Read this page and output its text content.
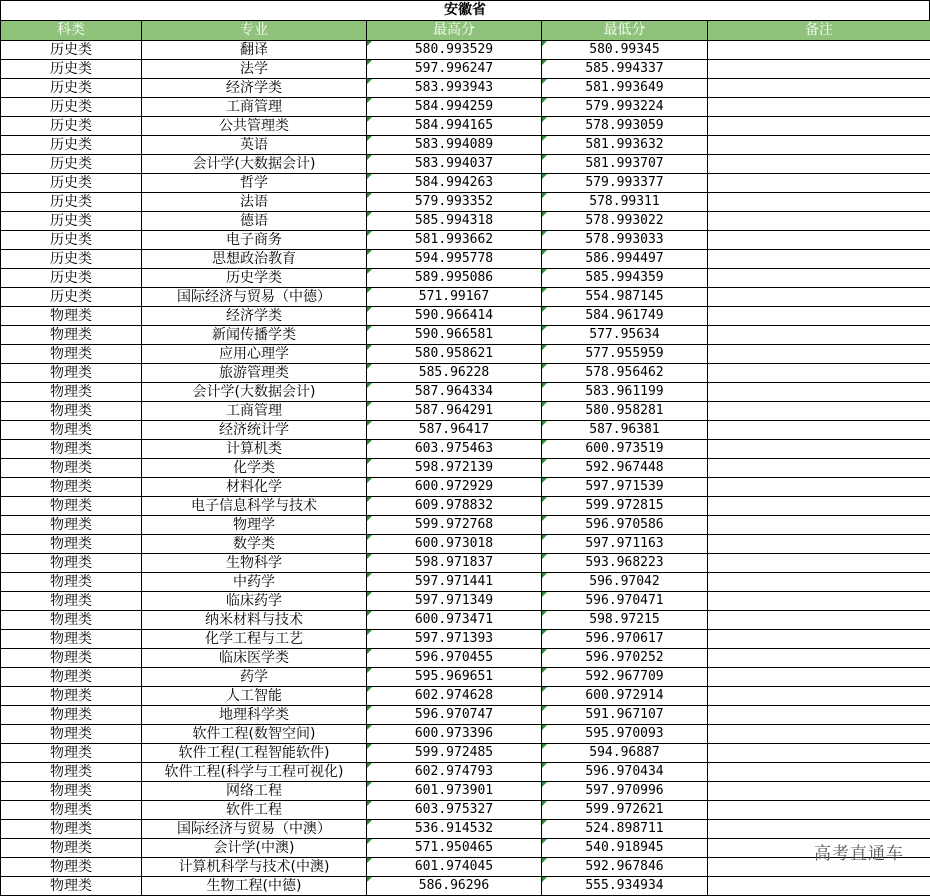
安徽省
科类	专业	最高分	最低分	备注
历史类	翻译	580.993529	580.99345	
历史类	法学	597.996247	585.994337	
历史类	经济学类	583.993943	581.993649	
历史类	工商管理	584.994259	579.993224	
历史类	公共管理类	584.994165	578.993059	
历史类	英语	583.994089	581.993632	
历史类	会计学(大数据会计)	583.994037	581.993707	
历史类	哲学	584.994263	579.993377	
历史类	法语	579.993352	578.99311	
历史类	德语	585.994318	578.993022	
历史类	电子商务	581.993662	578.993033	
历史类	思想政治教育	594.995778	586.994497	
历史类	历史学类	589.995086	585.994359	
历史类	国际经济与贸易（中德）	571.99167	554.987145	
物理类	经济学类	590.966414	584.961749	
物理类	新闻传播学类	590.966581	577.95634	
物理类	应用心理学	580.958621	577.955959	
物理类	旅游管理类	585.96228	578.956462	
物理类	会计学(大数据会计)	587.964334	583.961199	
物理类	工商管理	587.964291	580.958281	
物理类	经济统计学	587.96417	587.96381	
物理类	计算机类	603.975463	600.973519	
物理类	化学类	598.972139	592.967448	
物理类	材料化学	600.972929	597.971539	
物理类	电子信息科学与技术	609.978832	599.972815	
物理类	物理学	599.972768	596.970586	
物理类	数学类	600.973018	597.971163	
物理类	生物科学	598.971837	593.968223	
物理类	中药学	597.971441	596.97042	
物理类	临床药学	597.971349	596.970471	
物理类	纳米材料与技术	600.973471	598.97215	
物理类	化学工程与工艺	597.971393	596.970617	
物理类	临床医学类	596.970455	596.970252	
物理类	药学	595.969651	592.967709	
物理类	人工智能	602.974628	600.972914	
物理类	地理科学类	596.970747	591.967107	
物理类	软件工程(数智空间)	600.973396	595.970093	
物理类	软件工程(工程智能软件)	599.972485	594.96887	
物理类	软件工程(科学与工程可视化)	602.974793	596.970434	
物理类	网络工程	601.973901	597.970996	
物理类	软件工程	603.975327	599.972621	
物理类	国际经济与贸易（中澳）	536.914532	524.898711	
物理类	会计学(中澳)	571.950465	540.918945	
物理类	计算机科学与技术(中澳)	601.974045	592.967846	
物理类	生物工程(中德)	586.96296	555.934934	
高考直通车
